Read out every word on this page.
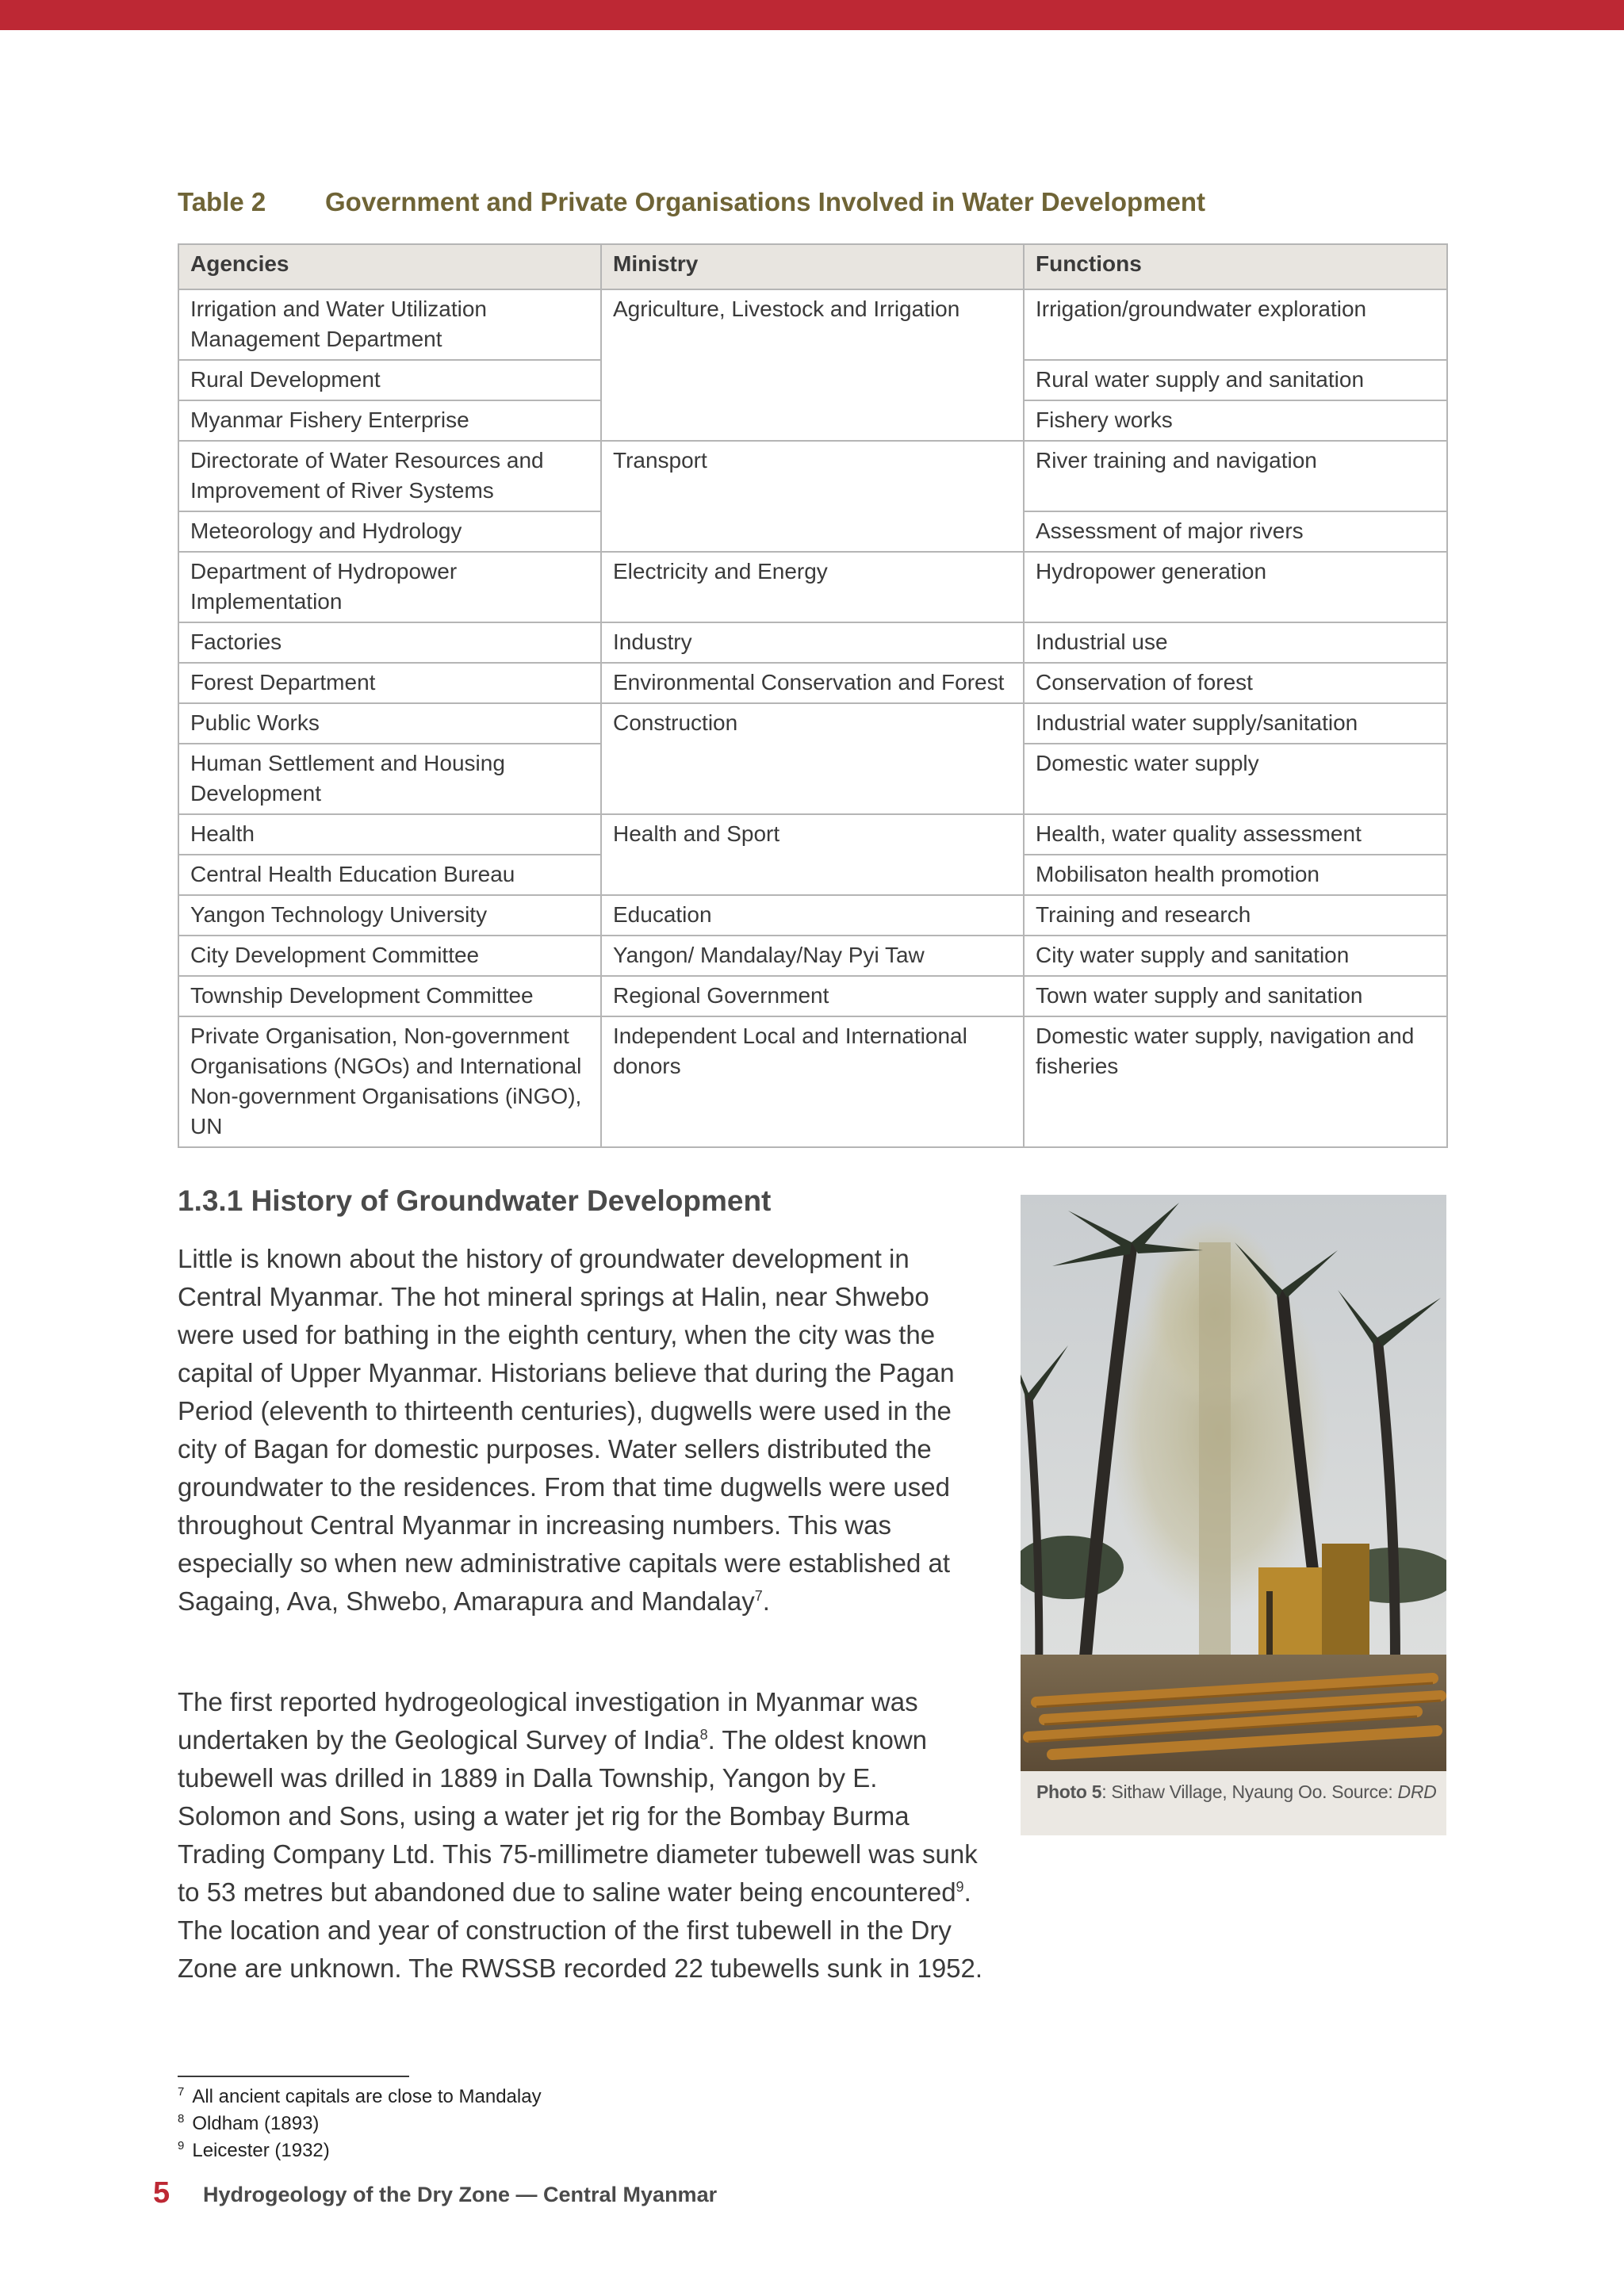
Table 2 Government and Private Organisations Involved in Water Development
Agencies	Ministry	Functions
Irrigation and Water Utilization Management Department	Agriculture, Livestock and Irrigation	Irrigation/groundwater exploration
Rural Development		Rural water supply and sanitation
Myanmar Fishery Enterprise		Fishery works
Directorate of Water Resources and Improvement of River Systems	Transport	River training and navigation
Meteorology and Hydrology		Assessment of major rivers
Department of Hydropower Implementation	Electricity and Energy	Hydropower generation
Factories	Industry	Industrial use
Forest Department	Environmental Conservation and Forest	Conservation of forest
Public Works	Construction	Industrial water supply/sanitation
Human Settlement and Housing Development		Domestic water supply
Health	Health and Sport	Health, water quality assessment
Central Health Education Bureau		Mobilisaton health promotion
Yangon Technology University	Education	Training and research
City Development Committee	Yangon/ Mandalay/Nay Pyi Taw	City water supply and sanitation
Township Development Committee	Regional Government	Town water supply and sanitation
Private Organisation, Non-government Organisations (NGOs) and International Non-government Organisations (iNGO), UN	Independent Local and International donors	Domestic water supply, navigation and fisheries
1.3.1 History of Groundwater Development

Little is known about the history of groundwater development in Central Myanmar. The hot mineral springs at Halin, near Shwebo were used for bathing in the eighth century, when the city was the capital of Upper Myanmar. Historians believe that during the Pagan Period (eleventh to thirteenth centuries), dugwells were used in the city of Bagan for domestic purposes. Water sellers distributed the groundwater to the residences. From that time dugwells were used throughout Central Myanmar in increasing numbers. This was especially so when new administrative capitals were established at Sagaing, Ava, Shwebo, Amarapura and Mandalay$^7$.

The first reported hydrogeological investigation in Myanmar was undertaken by the Geological Survey of India$^8$. The oldest known tubewell was drilled in 1889 in Dalla Township, Yangon by E. Solomon and Sons, using a water jet rig for the Bombay Burma Trading Company Ltd. This 75-millimetre diameter tubewell was sunk to 53 metres but abandoned due to saline water being encountered$^9$. The location and year of construction of the first tubewell in the Dry Zone are unknown. The RWSSB recorded 22 tubewells sunk in 1952.

Photo 5: Sithaw Village, Nyaung Oo. Source: DRD
$^7$ All ancient capitals are close to Mandalay
$^8$ Oldham (1893)
$^9$ Leicester (1932)
5 Hydrogeology of the Dry Zone — Central Myanmar
